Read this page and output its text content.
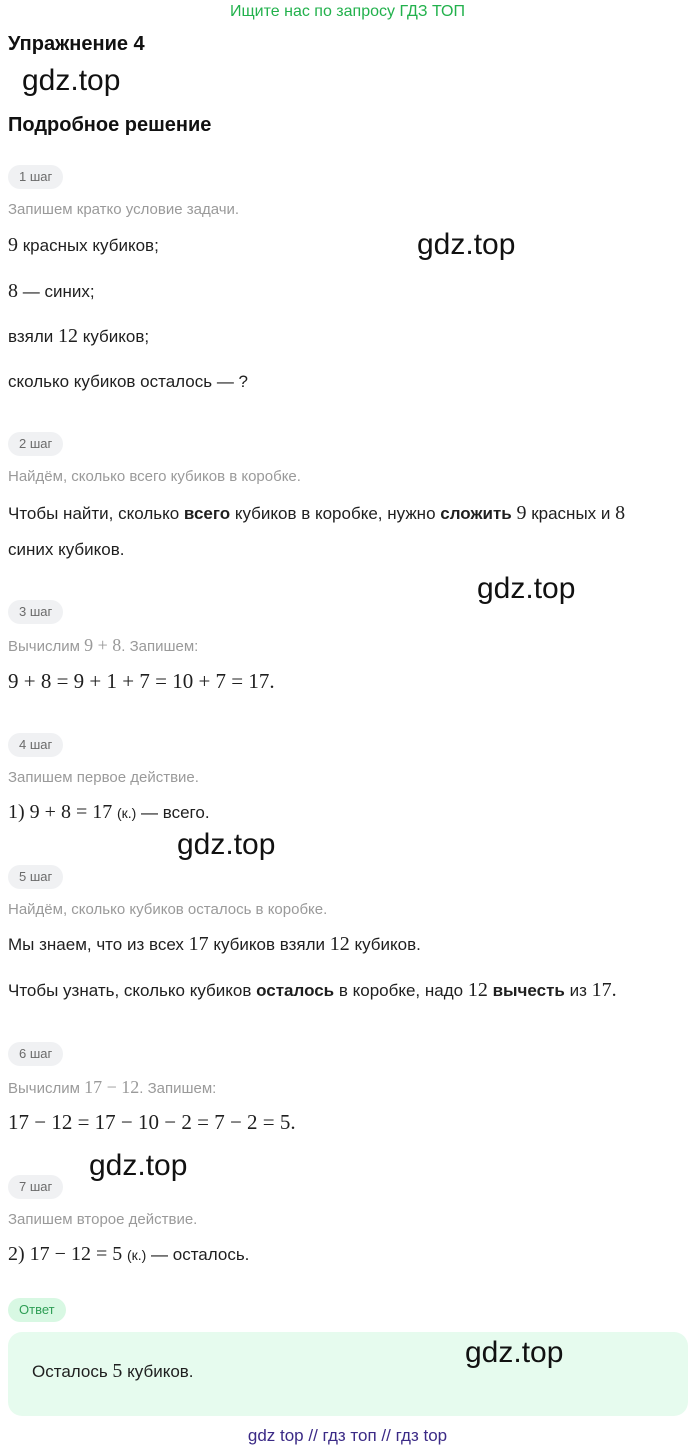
Ищите нас по запросу ГДЗ ТОП
Упражнение 4
gdz.top
Подробное решение
1 шаг
Запишем кратко условие задачи.
9 красных кубиков;	gdz.top
8 — синих;
взяли 12 кубиков;
сколько кубиков осталось — ?
2 шаг
Найдём, сколько всего кубиков в коробке.
Чтобы найти, сколько всего кубиков в коробке, нужно сложить 9 красных и 8
синих кубиков.
gdz.top
3 шаг
Вычислим 9 + 8. Запишем:
9 + 8 = 9 + 1 + 7 = 10 + 7 = 17.
4 шаг
Запишем первое действие.
1) 9 + 8 = 17 (к.) — всего.
gdz.top
5 шаг
Найдём, сколько кубиков осталось в коробке.
Мы знаем, что из всех 17 кубиков взяли 12 кубиков.
Чтобы узнать, сколько кубиков осталось в коробке, надо 12 вычесть из 17.
6 шаг
Вычислим 17 − 12. Запишем:
17 − 12 = 17 − 10 − 2 = 7 − 2 = 5.
gdz.top
7 шаг
Запишем второе действие.
2) 17 − 12 = 5 (к.) — осталось.
Ответ
Осталось 5 кубиков.
gdz.top
gdz top // гдз топ // гдз top
